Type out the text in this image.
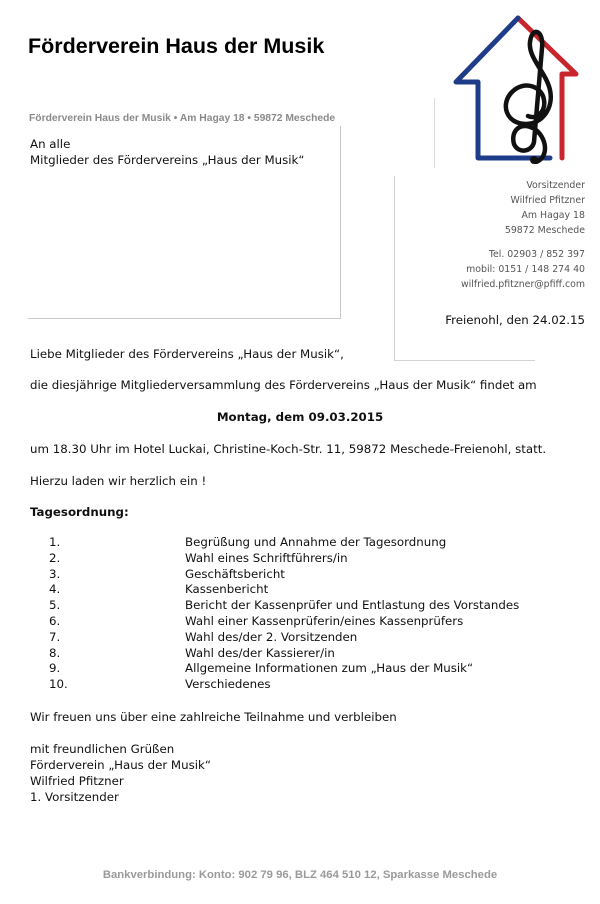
Förderverein Haus der Musik
Förderverein Haus der Musik • Am Hagay 18 • 59872 Meschede
An alle
Mitglieder des Fördervereins „Haus der Musik“
Vorsitzender
Wilfried Pfitzner
Am Hagay 18
59872 Meschede
Tel. 02903 / 852 397
mobil: 0151 / 148 274 40
wilfried.pfitzner@pfiff.com
Freienohl, den 24.02.15
Liebe Mitglieder des Fördervereins „Haus der Musik“,
die diesjährige Mitgliederversammlung des Fördervereins „Haus der Musik“ findet am
Montag, dem 09.03.2015
um 18.30 Uhr im Hotel Luckai, Christine-Koch-Str. 11, 59872 Meschede-Freienohl, statt.
Hierzu laden wir herzlich ein !
Tagesordnung:
1.	Begrüßung und Annahme der Tagesordnung
2.	Wahl eines Schriftführers/in
3.	Geschäftsbericht
4.	Kassenbericht
5.	Bericht der Kassenprüfer und Entlastung des Vorstandes
6.	Wahl einer Kassenprüferin/eines Kassenprüfers
7.	Wahl des/der 2. Vorsitzenden
8.	Wahl des/der Kassierer/in
9.	Allgemeine Informationen zum „Haus der Musik“
10.	Verschiedenes
Wir freuen uns über eine zahlreiche Teilnahme und verbleiben
mit freundlichen Grüßen
Förderverein „Haus der Musik“
Wilfried Pfitzner
1. Vorsitzender
Bankverbindung: Konto: 902 79 96, BLZ 464 510 12, Sparkasse Meschede
